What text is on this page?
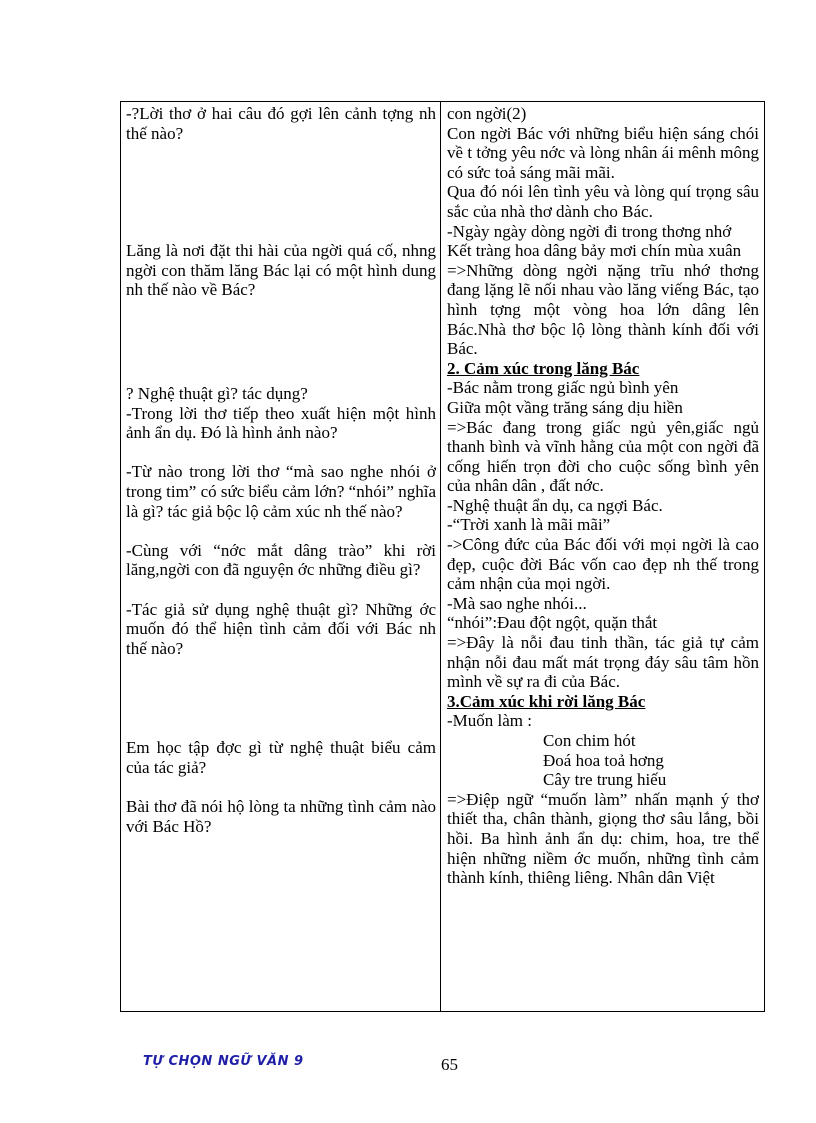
-?Lời thơ ở hai câu đó gợi lên cảnh tợng nh thế nào?

Lăng là nơi đặt thi hài của ngời quá cố, nhng ngời con thăm lăng Bác lại có một hình dung nh thế nào về Bác?

? Nghệ thuật gì? tác dụng?

-Trong lời thơ tiếp theo xuất hiện một hình ảnh ẩn dụ. Đó là hình ảnh nào?

-Từ nào trong lời thơ “mà sao nghe nhói ở trong tim” có sức biểu cảm lớn? “nhói” nghĩa là gì? tác giả bộc lộ cảm xúc nh thế nào?

-Cùng với “nớc mắt dâng trào” khi rời lăng,ngời con đã nguyện ớc những điều gì?

-Tác giả sử dụng nghệ thuật gì? Những ớc muốn đó thể hiện tình cảm đối với Bác nh thế nào?

Em học tập đợc gì từ nghệ thuật biểu cảm của tác giả?

Bài thơ đã nói hộ lòng ta những tình cảm nào với Bác Hồ?

con ngời(2)

Con ngời Bác với những biểu hiện sáng chói về t tởng yêu nớc và lòng nhân ái mênh mông có sức toả sáng mãi mãi.

Qua đó nói lên tình yêu và lòng quí trọng sâu sắc của nhà thơ dành cho Bác.

-Ngày ngày dòng ngời đi trong thơng nhớ

Kết tràng hoa dâng bảy mơi chín mùa xuân

=>Những dòng ngời nặng trĩu nhớ thơng đang lặng lẽ nối nhau vào lăng viếng Bác, tạo hình tợng một vòng hoa lớn dâng lên Bác.Nhà thơ bộc lộ lòng thành kính đối với Bác.

2. Cảm xúc trong lăng Bác

-Bác nằm trong giấc ngủ bình yên

Giữa một vầng trăng sáng dịu hiền

=>Bác đang trong giấc ngủ yên,giấc ngủ thanh bình và vĩnh hằng của một con ngời đã cống hiến trọn đời cho cuộc sống bình yên của nhân dân , đất nớc.

-Nghệ thuật ẩn dụ, ca ngợi Bác.

-“Trời xanh là mãi mãi”

->Công đức của Bác đối với mọi ngời là cao đẹp, cuộc đời Bác vốn cao đẹp nh thế trong cảm nhận của mọi ngời.

-Mà sao nghe nhói...

“nhói”:Đau đột ngột, quặn thắt

=>Đây là nỗi đau tinh thần, tác giả tự cảm nhận nỗi đau mất mát trọng đáy sâu tâm hồn mình về sự ra đi của Bác.

3.Cảm xúc khi rời lăng Bác

-Muốn làm :

Con chim hót

Đoá hoa toả hơng

Cây tre trung hiếu

=>Điệp ngữ “muốn làm” nhấn mạnh ý thơ thiết tha, chân thành, giọng thơ sâu lắng, bồi hồi. Ba hình ảnh ẩn dụ: chim, hoa, tre thể hiện những niềm ớc muốn, những tình cảm thành kính, thiêng liêng. Nhân dân Việt

TỰ CHỌN NGỮ VĂN 9	65
